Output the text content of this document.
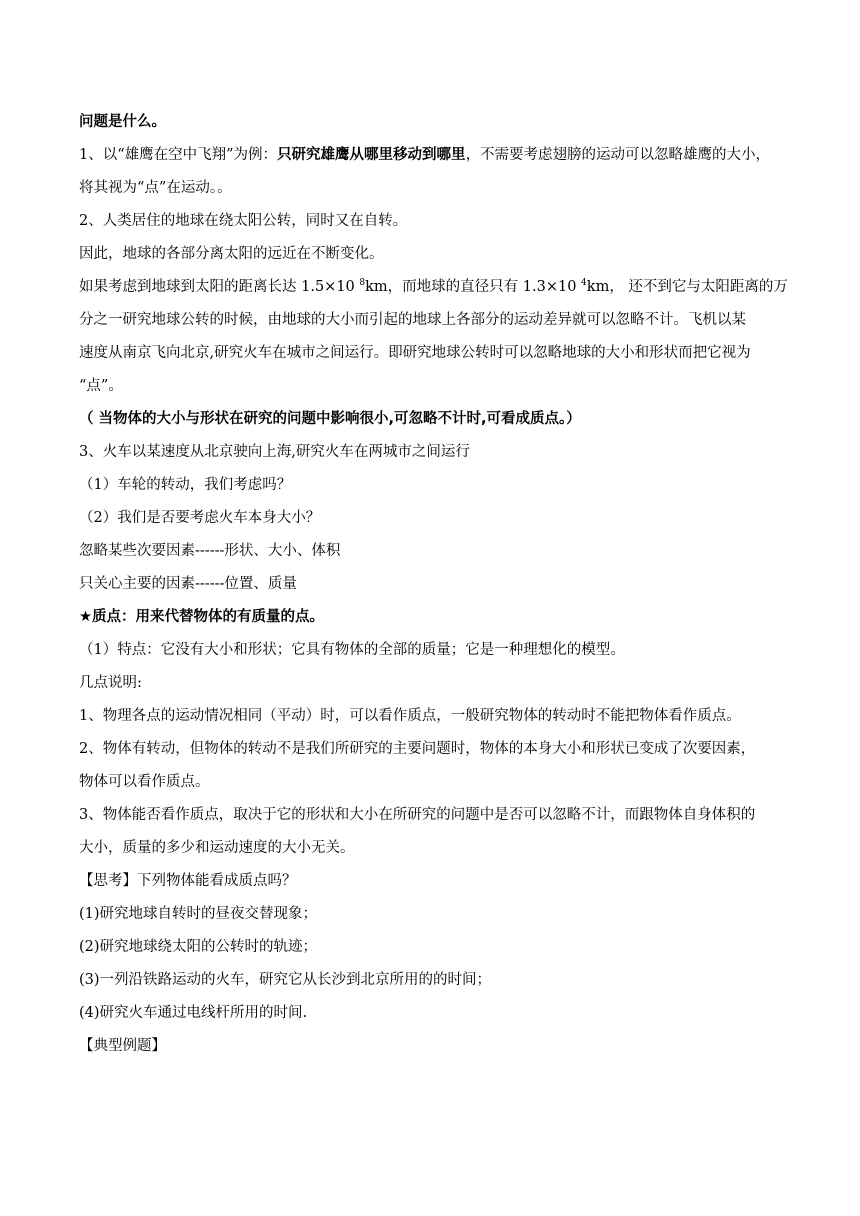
问题是什么。
1、以“雄鹰在空中飞翔”为例：只研究雄鹰从哪里移动到哪里，不需要考虑翅膀的运动可以忽略雄鹰的大小，
将其视为“点”在运动。。
2、人类居住的地球在绕太阳公转，同时又在自转。
因此，地球的各部分离太阳的远近在不断变化。
如果考虑到地球到太阳的距离长达 1.5×10 $^8$km，而地球的直径只有 1.3×10 $^4$km， 还不到它与太阳距离的万
分之一研究地球公转的时候，由地球的大小而引起的地球上各部分的运动差异就可以忽略不计。飞机以某
速度从南京飞向北京,研究火车在城市之间运行。即研究地球公转时可以忽略地球的大小和形状而把它视为
“点”。
（ 当物体的大小与形状在研究的问题中影响很小,可忽略不计时,可看成质点。）
3、火车以某速度从北京驶向上海,研究火车在两城市之间运行
（1）车轮的转动，我们考虑吗？
（2）我们是否要考虑火车本身大小？
忽略某些次要因素------形状、大小、体积
只关心主要的因素------位置、质量
★质点：用来代替物体的有质量的点。
（1）特点：它没有大小和形状；它具有物体的全部的质量；它是一种理想化的模型。
几点说明:
1、物理各点的运动情况相同（平动）时，可以看作质点，一般研究物体的转动时不能把物体看作质点。
2、物体有转动，但物体的转动不是我们所研究的主要问题时，物体的本身大小和形状已变成了次要因素，
物体可以看作质点。
3、物体能否看作质点，取决于它的形状和大小在所研究的问题中是否可以忽略不计，而跟物体自身体积的
大小，质量的多少和运动速度的大小无关。
【思考】下列物体能看成质点吗？
(1)研究地球自转时的昼夜交替现象；
(2)研究地球绕太阳的公转时的轨迹；
(3)一列沿铁路运动的火车，研究它从长沙到北京所用的的时间；
(4)研究火车通过电线杆所用的时间.
【典型例题】
